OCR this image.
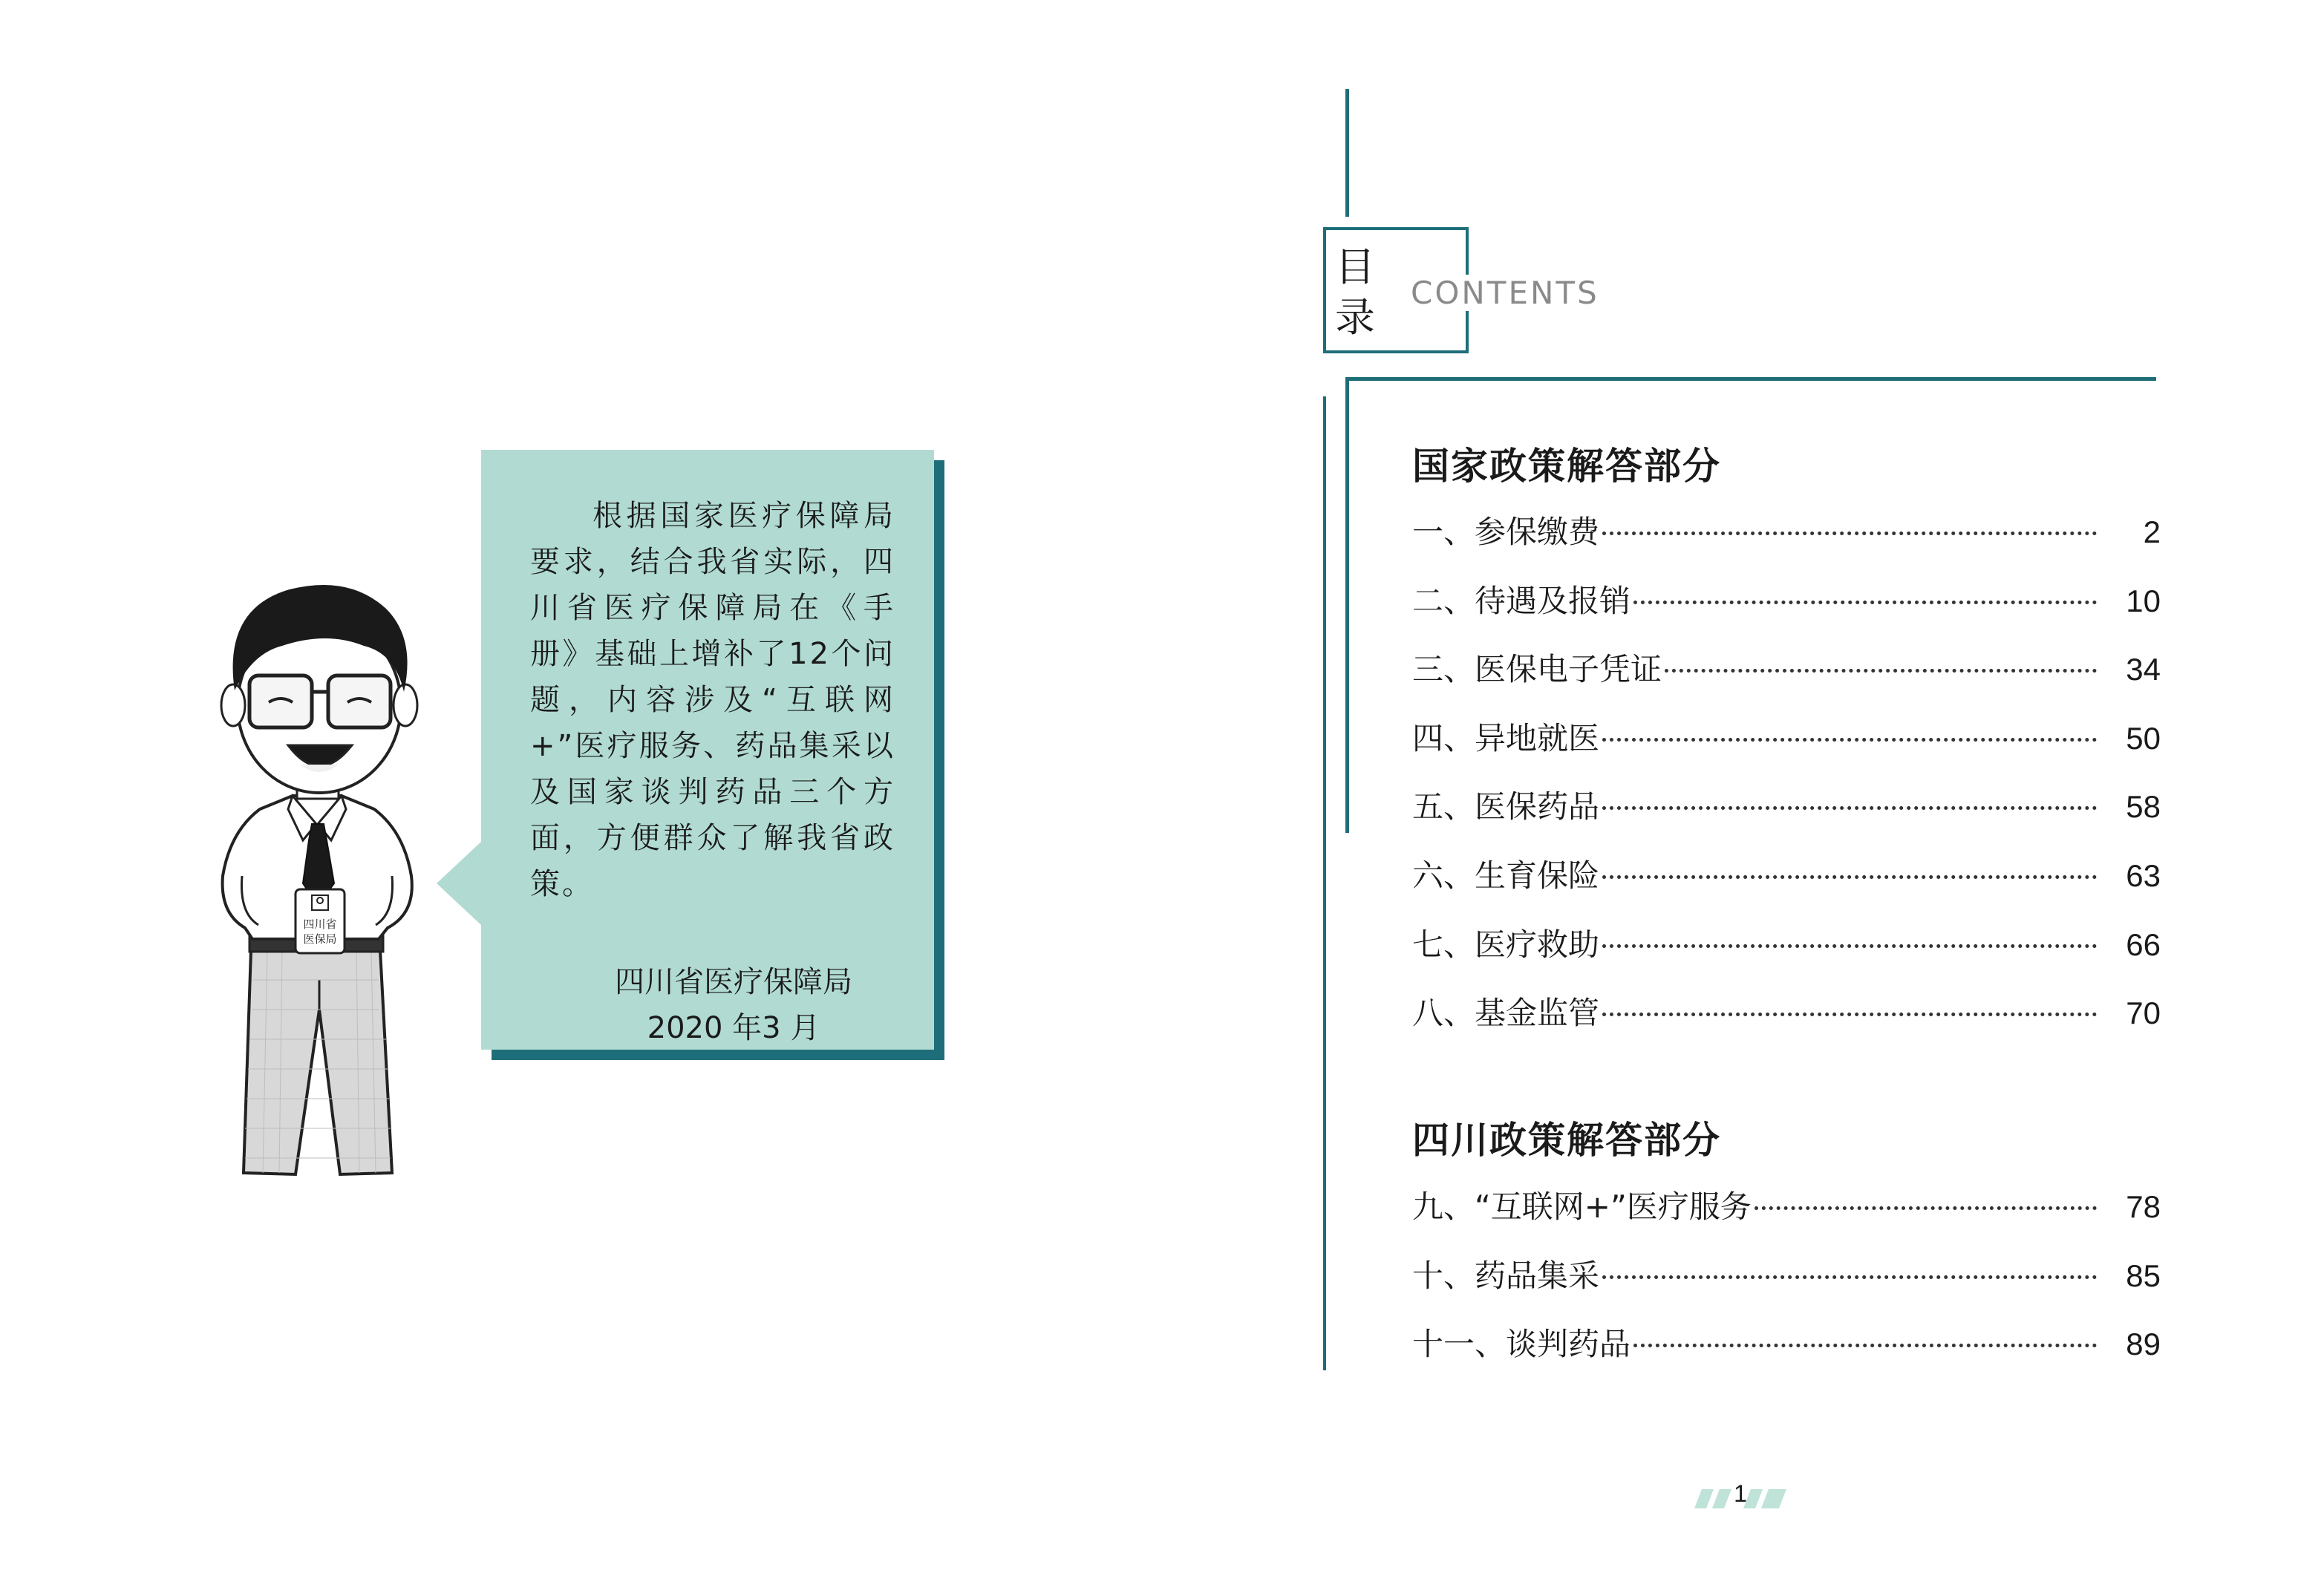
四川省
医保局

根据国家医疗保障局要求，结合我省实际，四川省医疗保障局在《手册》基础上增补了12个问题，内容涉及“互联网+”医疗服务、药品集采以及国家谈判药品三个方面，方便群众了解我省政策。

四川省医疗保障局
2020 年3 月
目
录
CONTENTS
国家政策解答部分
一、参保缴费	2
二、待遇及报销	10
三、医保电子凭证	34
四、异地就医	50
五、医保药品	58
六、生育保险	63
七、医疗救助	66
八、基金监管	70
四川政策解答部分
九、“互联网+”医疗服务	78
十、药品集采	85
十一、谈判药品	89
1
